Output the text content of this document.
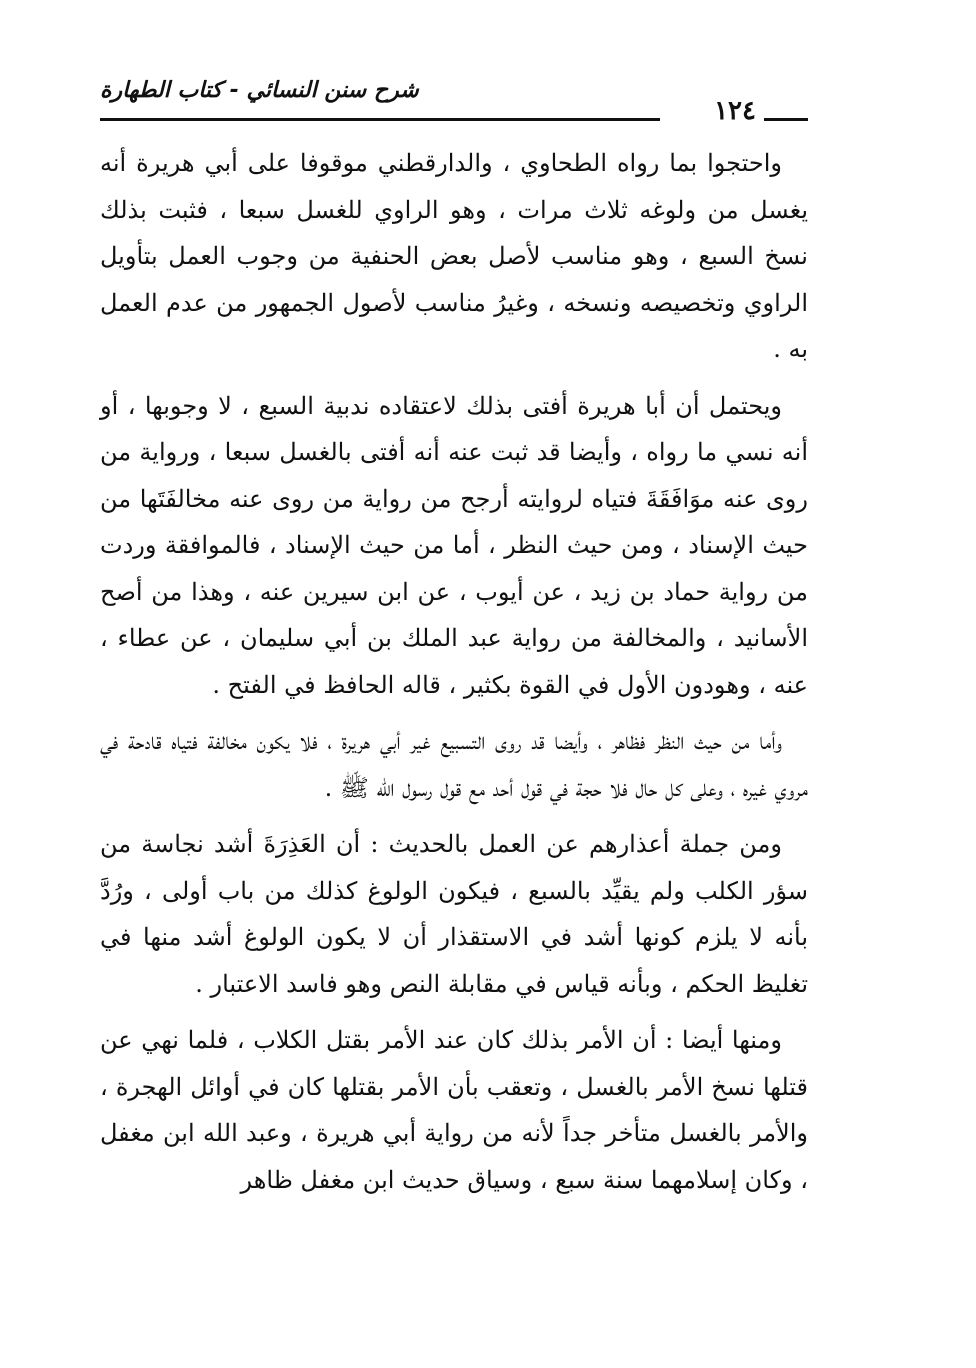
شرح سنن النسائي - كتاب الطهارة
١٢٤

واحتجوا بما رواه الطحاوي ، والدارقطني موقوفا على أبي هريرة أنه يغسل من ولوغه ثلاث مرات ، وهو الراوي للغسل سبعا ، فثبت بذلك نسخ السبع ، وهو مناسب لأصل بعض الحنفية من وجوب العمل بتأويل الراوي وتخصيصه ونسخه ، وغيرُ مناسب لأصول الجمهور من عدم العمل به .

ويحتمل أن أبا هريرة أفتى بذلك لاعتقاده ندبية السبع ، لا وجوبها ، أو أنه نسي ما رواه ، وأيضا قد ثبت عنه أنه أفتى بالغسل سبعا ، ورواية من روى عنه موَافَقَةَ فتياه لروايته أرجح من رواية من روى عنه مخالفَتَها من حيث الإسناد ، ومن حيث النظر ، أما من حيث الإسناد ، فالموافقة وردت من رواية حماد بن زيد ، عن أيوب ، عن ابن سيرين عنه ، وهذا من أصح الأسانيد ، والمخالفة من رواية عبد الملك بن أبي سليمان ، عن عطاء ، عنه ، وهودون الأول في القوة بكثير ، قاله الحافظ في الفتح .

وأما من حيث النظر فظاهر ، وأيضا قد روى التسبيع غير أبي هريرة ، فلا يكون مخالفة فتياه قادحة في مروي غيره ، وعلى كل حال فلا حجة في قول أحد مع قول رسول الله ﷺ .

ومن جملة أعذارهم عن العمل بالحديث : أن العَذِرَةَ أشد نجاسة من سؤر الكلب ولم يقيِّد بالسبع ، فيكون الولوغ كذلك من باب أولى ، ورُدَّ بأنه لا يلزم كونها أشد في الاستقذار أن لا يكون الولوغ أشد منها في تغليظ الحكم ، وبأنه قياس في مقابلة النص وهو فاسد الاعتبار .

ومنها أيضا : أن الأمر بذلك كان عند الأمر بقتل الكلاب ، فلما نهي عن قتلها نسخ الأمر بالغسل ، وتعقب بأن الأمر بقتلها كان في أوائل الهجرة ، والأمر بالغسل متأخر جداً لأنه من رواية أبي هريرة ، وعبد الله ابن مغفل ، وكان إسلامهما سنة سبع ، وسياق حديث ابن مغفل ظاهر
